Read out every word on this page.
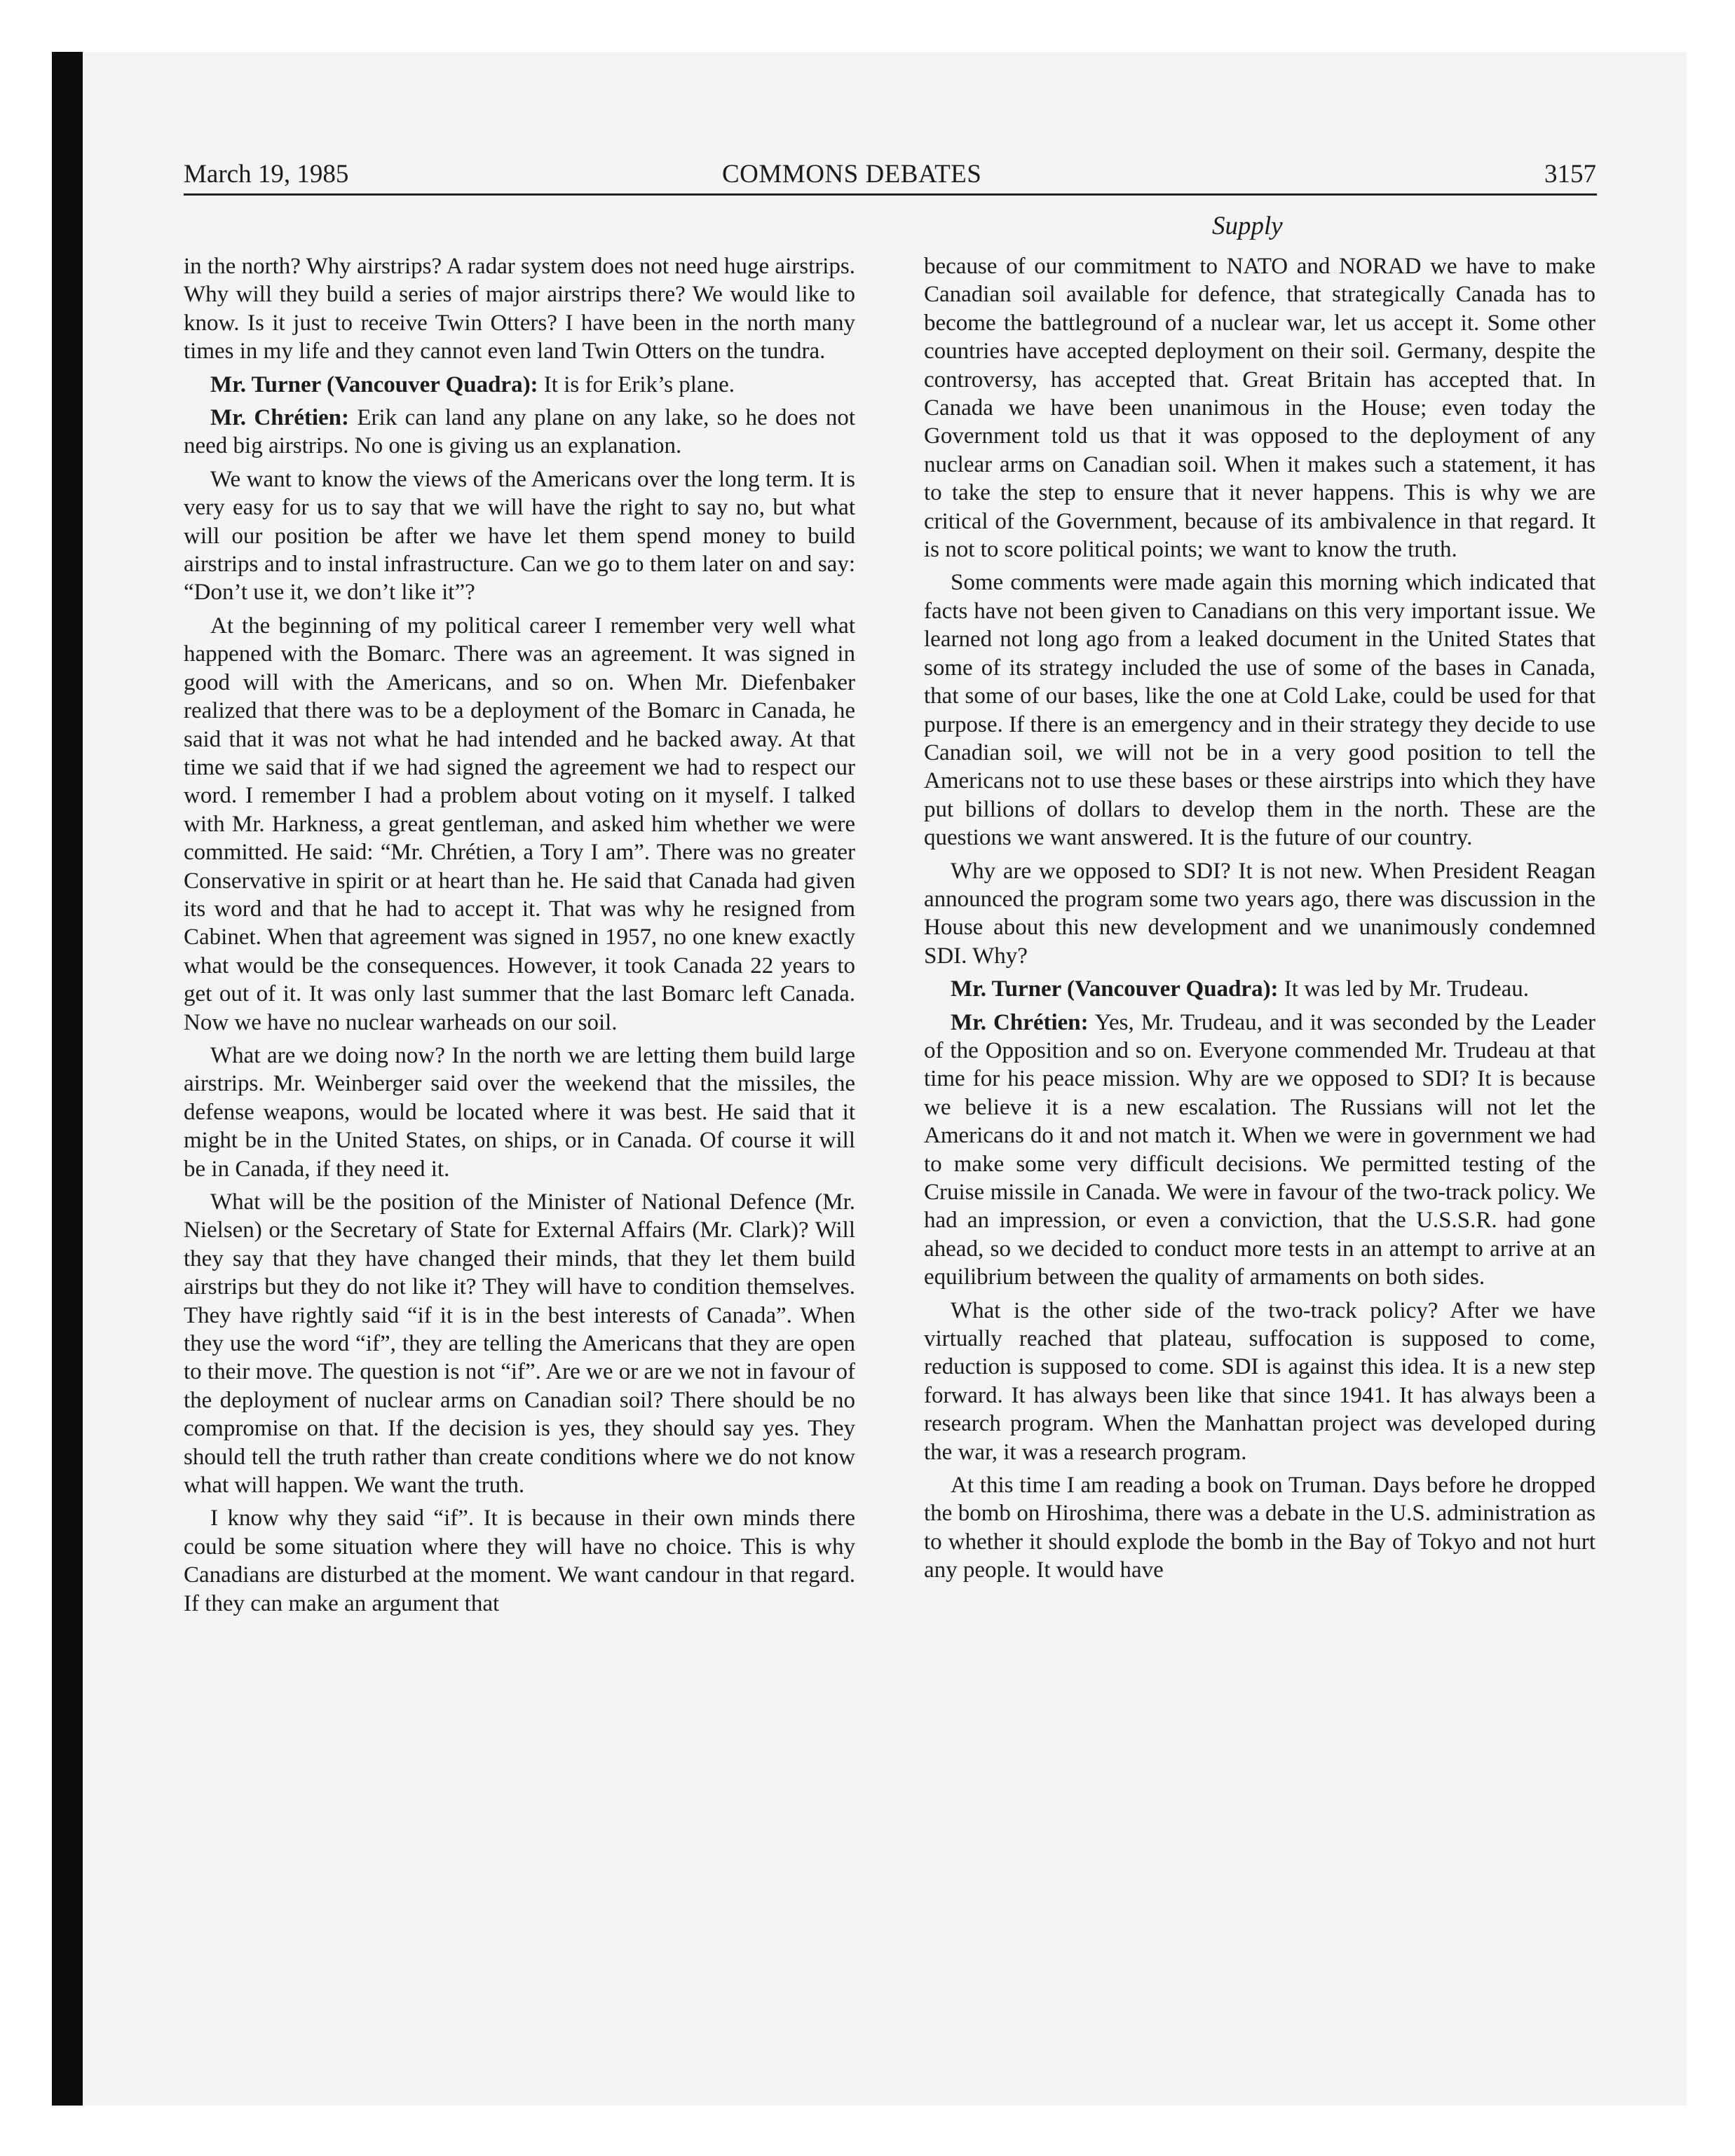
March 19, 1985	COMMONS DEBATES	3157
Supply

in the north? Why airstrips? A radar system does not need huge airstrips. Why will they build a series of major airstrips there? We would like to know. Is it just to receive Twin Otters? I have been in the north many times in my life and they cannot even land Twin Otters on the tundra.

Mr. Turner (Vancouver Quadra): It is for Erik’s plane.

Mr. Chrétien: Erik can land any plane on any lake, so he does not need big airstrips. No one is giving us an explanation.

We want to know the views of the Americans over the long term. It is very easy for us to say that we will have the right to say no, but what will our position be after we have let them spend money to build airstrips and to instal infrastructure. Can we go to them later on and say: “Don’t use it, we don’t like it”?

At the beginning of my political career I remember very well what happened with the Bomarc. There was an agreement. It was signed in good will with the Americans, and so on. When Mr. Diefenbaker realized that there was to be a deployment of the Bomarc in Canada, he said that it was not what he had intended and he backed away. At that time we said that if we had signed the agreement we had to respect our word. I remember I had a problem about voting on it myself. I talked with Mr. Harkness, a great gentleman, and asked him whether we were committed. He said: “Mr. Chrétien, a Tory I am”. There was no greater Conservative in spirit or at heart than he. He said that Canada had given its word and that he had to accept it. That was why he resigned from Cabinet. When that agreement was signed in 1957, no one knew exactly what would be the consequences. However, it took Canada 22 years to get out of it. It was only last summer that the last Bomarc left Canada. Now we have no nuclear warheads on our soil.

What are we doing now? In the north we are letting them build large airstrips. Mr. Weinberger said over the weekend that the missiles, the defense weapons, would be located where it was best. He said that it might be in the United States, on ships, or in Canada. Of course it will be in Canada, if they need it.

What will be the position of the Minister of National Defence (Mr. Nielsen) or the Secretary of State for External Affairs (Mr. Clark)? Will they say that they have changed their minds, that they let them build airstrips but they do not like it? They will have to condition themselves. They have rightly said “if it is in the best interests of Canada”. When they use the word “if”, they are telling the Americans that they are open to their move. The question is not “if”. Are we or are we not in favour of the deployment of nuclear arms on Canadian soil? There should be no compromise on that. If the decision is yes, they should say yes. They should tell the truth rather than create conditions where we do not know what will happen. We want the truth.

I know why they said “if”. It is because in their own minds there could be some situation where they will have no choice. This is why Canadians are disturbed at the moment. We want candour in that regard. If they can make an argument that

because of our commitment to NATO and NORAD we have to make Canadian soil available for defence, that strategically Canada has to become the battleground of a nuclear war, let us accept it. Some other countries have accepted deployment on their soil. Germany, despite the controversy, has accepted that. Great Britain has accepted that. In Canada we have been unanimous in the House; even today the Government told us that it was opposed to the deployment of any nuclear arms on Canadian soil. When it makes such a statement, it has to take the step to ensure that it never happens. This is why we are critical of the Government, because of its ambivalence in that regard. It is not to score political points; we want to know the truth.

Some comments were made again this morning which indicated that facts have not been given to Canadians on this very important issue. We learned not long ago from a leaked document in the United States that some of its strategy included the use of some of the bases in Canada, that some of our bases, like the one at Cold Lake, could be used for that purpose. If there is an emergency and in their strategy they decide to use Canadian soil, we will not be in a very good position to tell the Americans not to use these bases or these airstrips into which they have put billions of dollars to develop them in the north. These are the questions we want answered. It is the future of our country.

Why are we opposed to SDI? It is not new. When President Reagan announced the program some two years ago, there was discussion in the House about this new development and we unanimously condemned SDI. Why?

Mr. Turner (Vancouver Quadra): It was led by Mr. Trudeau.

Mr. Chrétien: Yes, Mr. Trudeau, and it was seconded by the Leader of the Opposition and so on. Everyone commended Mr. Trudeau at that time for his peace mission. Why are we opposed to SDI? It is because we believe it is a new escalation. The Russians will not let the Americans do it and not match it. When we were in government we had to make some very difficult decisions. We permitted testing of the Cruise missile in Canada. We were in favour of the two-track policy. We had an impression, or even a conviction, that the U.S.S.R. had gone ahead, so we decided to conduct more tests in an attempt to arrive at an equilibrium between the quality of armaments on both sides.

What is the other side of the two-track policy? After we have virtually reached that plateau, suffocation is supposed to come, reduction is supposed to come. SDI is against this idea. It is a new step forward. It has always been like that since 1941. It has always been a research program. When the Manhattan project was developed during the war, it was a research program.

At this time I am reading a book on Truman. Days before he dropped the bomb on Hiroshima, there was a debate in the U.S. administration as to whether it should explode the bomb in the Bay of Tokyo and not hurt any people. It would have
